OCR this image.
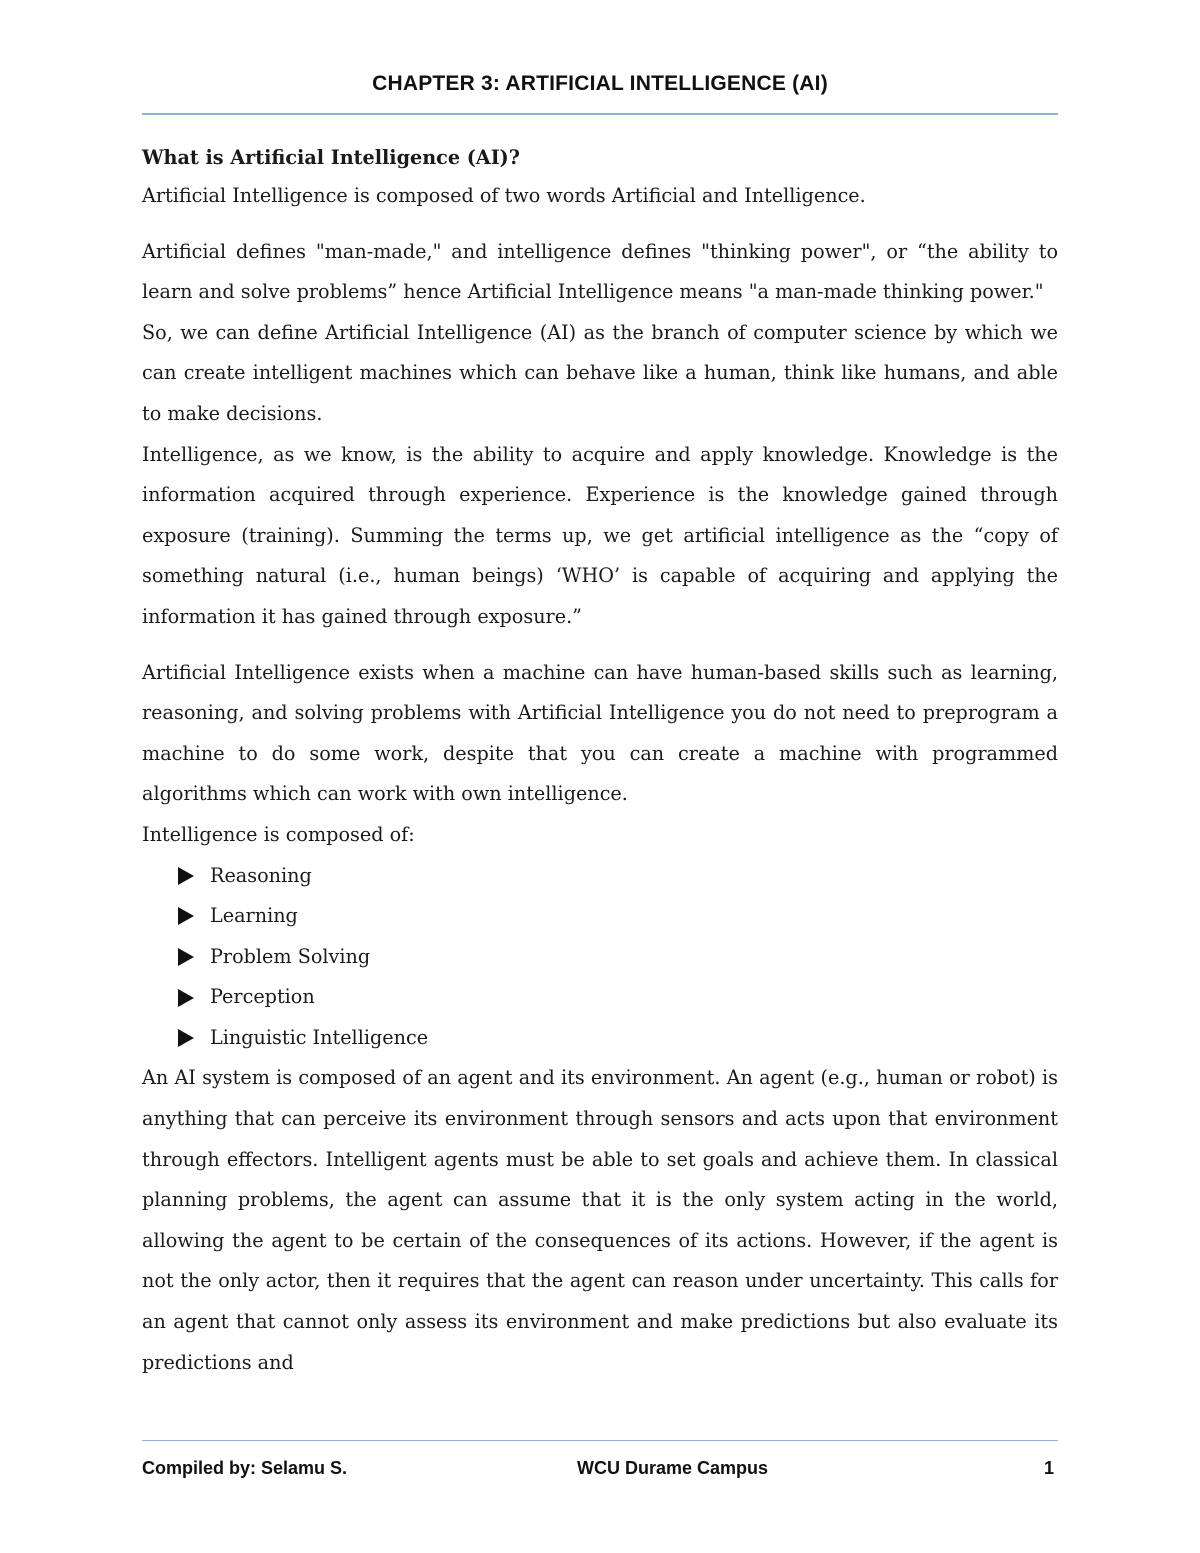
CHAPTER 3: ARTIFICIAL INTELLIGENCE (AI)
What is Artificial Intelligence (AI)?

Artificial Intelligence is composed of two words Artificial and Intelligence.

Artificial defines "man-made," and intelligence defines "thinking power", or “the ability to learn and solve problems” hence Artificial Intelligence means "a man-made thinking power."

So, we can define Artificial Intelligence (AI) as the branch of computer science by which we can create intelligent machines which can behave like a human, think like humans, and able to make decisions.

Intelligence, as we know, is the ability to acquire and apply knowledge. Knowledge is the information acquired through experience. Experience is the knowledge gained through exposure (training). Summing the terms up, we get artificial intelligence as the “copy of something natural (i.e., human beings) ‘WHO’ is capable of acquiring and applying the information it has gained through exposure.”

Artificial Intelligence exists when a machine can have human-based skills such as learning, reasoning, and solving problems with Artificial Intelligence you do not need to preprogram a machine to do some work, despite that you can create a machine with programmed algorithms which can work with own intelligence.

Intelligence is composed of:

Reasoning
Learning
Problem Solving
Perception
Linguistic Intelligence

An AI system is composed of an agent and its environment. An agent (e.g., human or robot) is anything that can perceive its environment through sensors and acts upon that environment through effectors. Intelligent agents must be able to set goals and achieve them. In classical planning problems, the agent can assume that it is the only system acting in the world, allowing the agent to be certain of the consequences of its actions. However, if the agent is not the only actor, then it requires that the agent can reason under uncertainty. This calls for an agent that cannot only assess its environment and make predictions but also evaluate its predictions and

Compiled by: Selamu S.	WCU Durame Campus	1
